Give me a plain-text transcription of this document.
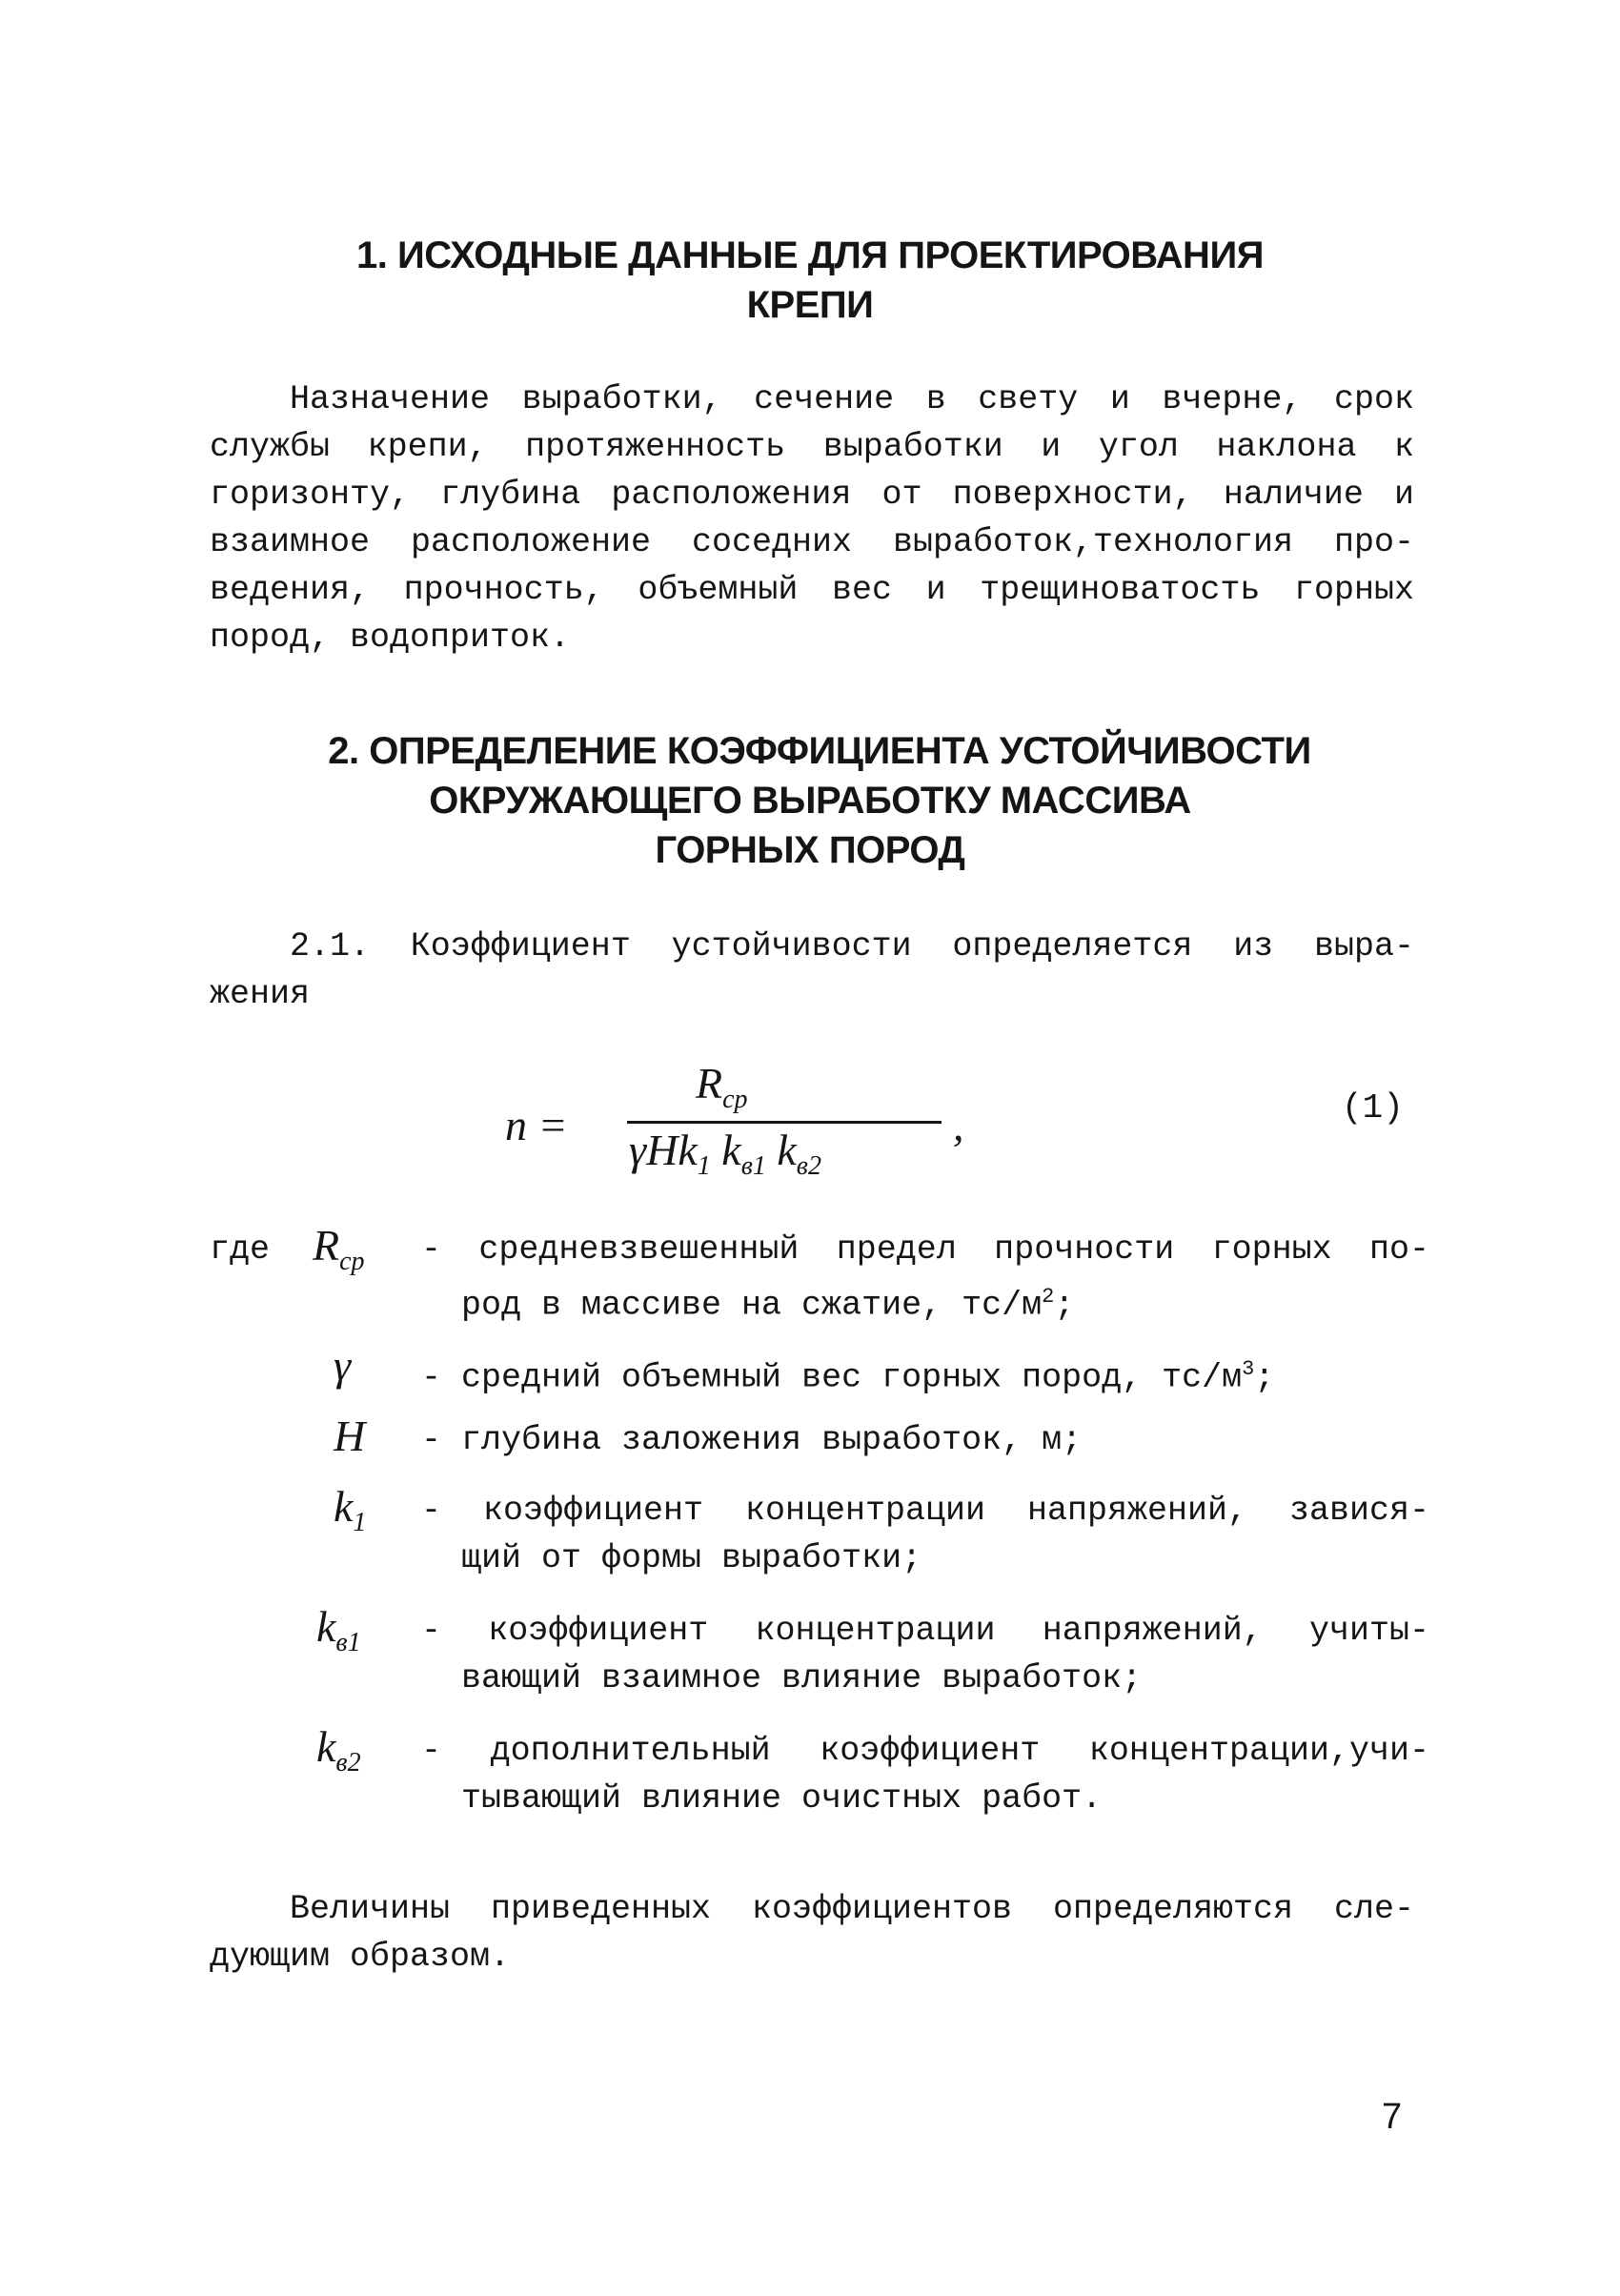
1. ИСХОДНЫЕ ДАННЫЕ ДЛЯ ПРОЕКТИРОВАНИЯ
КРЕПИ
Назначение выработки, сечение в свету и вчерне, срок
службы крепи, протяженность выработки и угол наклона к
горизонту, глубина расположения от поверхности, наличие и
взаимное расположение соседних выработок,технология про-
ведения, прочность, объемный вес и трещиноватость горных
пород, водоприток.
2. ОПРЕДЕЛЕНИЕ КОЭФФИЦИЕНТА УСТОЙЧИВОСТИ
ОКРУЖАЮЩЕГО ВЫРАБОТКУ МАССИВА
ГОРНЫХ ПОРОД
2.1. Коэффициент устойчивости определяется из выра-
жения
n =
$R_{ср}$
γHk$_1$ $k_{в1}$ $k_{в2}$
,	(1)
где $R_{ср}$ - средневзвешенный предел прочности горных по-
род в массиве на сжатие, $тс/м^2$;
γ - средний объемный вес горных пород, $тс/м^3$;
H - глубина заложения выработок, м;
$k_1$ - коэффициент концентрации напряжений, завися-
щий от формы выработки;
$k_{в1}$ - коэффициент концентрации напряжений, учиты-
вающий взаимное влияние выработок;
$k_{в2}$ - дополнительный коэффициент концентрации,учи-
тывающий влияние очистных работ.
Величины приведенных коэффициентов определяются сле-
дующим образом.
7
